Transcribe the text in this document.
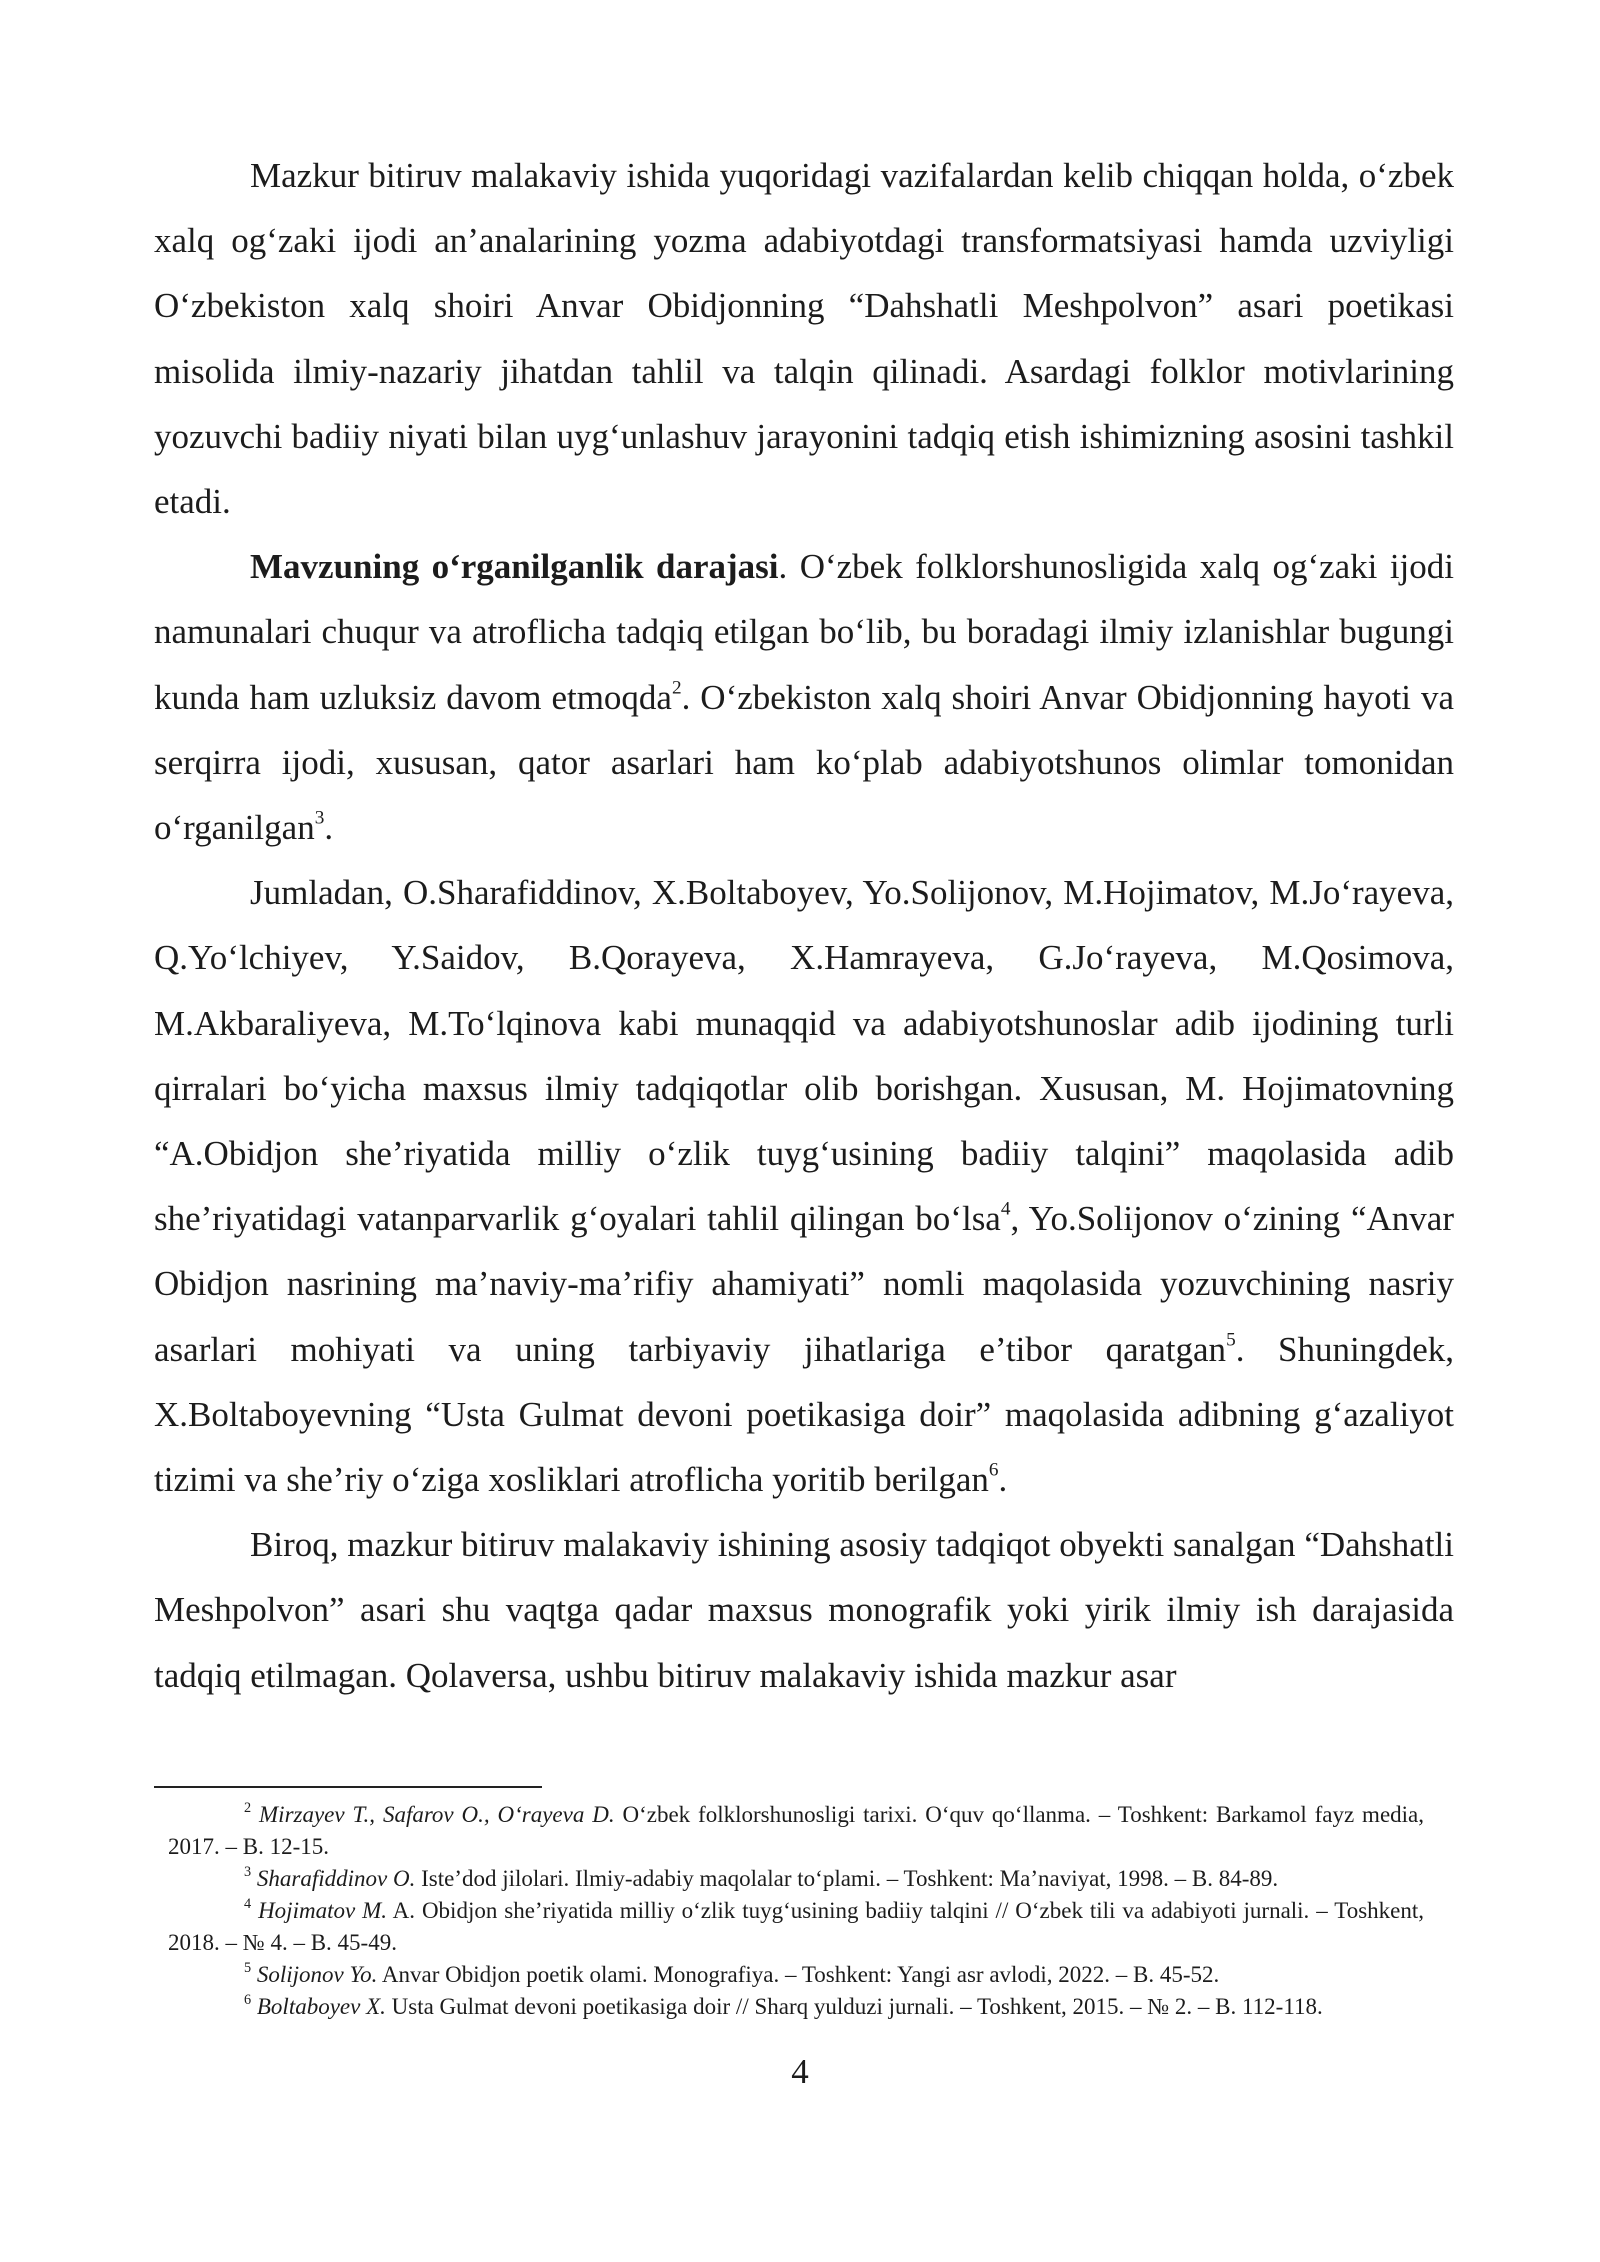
Mazkur bitiruv malakaviy ishida yuqoridagi vazifalardan kelib chiqqan holda, o‘zbek xalq og‘zaki ijodi an’analarining yozma adabiyotdagi transformatsiyasi hamda uzviyligi O‘zbekiston xalq shoiri Anvar Obidjonning “Dahshatli Meshpolvon” asari poetikasi misolida ilmiy-nazariy jihatdan tahlil va talqin qilinadi. Asardagi folklor motivlarining yozuvchi badiiy niyati bilan uyg‘unlashuv jarayonini tadqiq etish ishimizning asosini tashkil etadi.

Mavzuning o‘rganilganlik darajasi. O‘zbek folklorshunosligida xalq og‘zaki ijodi namunalari chuqur va atroflicha tadqiq etilgan bo‘lib, bu boradagi ilmiy izlanishlar bugungi kunda ham uzluksiz davom etmoqda$^2$. O‘zbekiston xalq shoiri Anvar Obidjonning hayoti va serqirra ijodi, xususan, qator asarlari ham ko‘plab adabiyotshunos olimlar tomonidan o‘rganilgan$^3$.

Jumladan, O.Sharafiddinov, X.Boltaboyev, Yo.Solijonov, M.Hojimatov, M.Jo‘rayeva, Q.Yo‘lchiyev, Y.Saidov, B.Qorayeva, X.Hamrayeva, G.Jo‘rayeva, M.Qosimova, M.Akbaraliyeva, M.To‘lqinova kabi munaqqid va adabiyotshunoslar adib ijodining turli qirralari bo‘yicha maxsus ilmiy tadqiqotlar olib borishgan. Xususan, M. Hojimatovning “A.Obidjon she’riyatida milliy o‘zlik tuyg‘usining badiiy talqini” maqolasida adib she’riyatidagi vatanparvarlik g‘oyalari tahlil qilingan bo‘lsa$^4$, Yo.Solijonov o‘zining “Anvar Obidjon nasrining ma’naviy-ma’rifiy ahamiyati” nomli maqolasida yozuvchining nasriy asarlari mohiyati va uning tarbiyaviy jihatlariga e’tibor qaratgan$^5$. Shuningdek, X.Boltaboyevning “Usta Gulmat devoni poetikasiga doir” maqolasida adibning g‘azaliyot tizimi va she’riy o‘ziga xosliklari atroflicha yoritib berilgan$^6$.

Biroq, mazkur bitiruv malakaviy ishining asosiy tadqiqot obyekti sanalgan “Dahshatli Meshpolvon” asari shu vaqtga qadar maxsus monografik yoki yirik ilmiy ish darajasida tadqiq etilmagan. Qolaversa, ushbu bitiruv malakaviy ishida mazkur asar

$^2$ Mirzayev T., Safarov O., O‘rayeva D. O‘zbek folklorshunosligi tarixi. O‘quv qo‘llanma. – Toshkent: Barkamol fayz media, 2017. – B. 12-15.

$^3$ Sharafiddinov O. Iste’dod jilolari. Ilmiy-adabiy maqolalar to‘plami. – Toshkent: Ma’naviyat, 1998. – B. 84-89.

$^4$ Hojimatov M. A. Obidjon she’riyatida milliy o‘zlik tuyg‘usining badiiy talqini // O‘zbek tili va adabiyoti jurnali. – Toshkent, 2018. – № 4. – B. 45-49.

$^5$ Solijonov Yo. Anvar Obidjon poetik olami. Monografiya. – Toshkent: Yangi asr avlodi, 2022. – B. 45-52.

$^6$ Boltaboyev X. Usta Gulmat devoni poetikasiga doir // Sharq yulduzi jurnali. – Toshkent, 2015. – № 2. – B. 112-118.

4
